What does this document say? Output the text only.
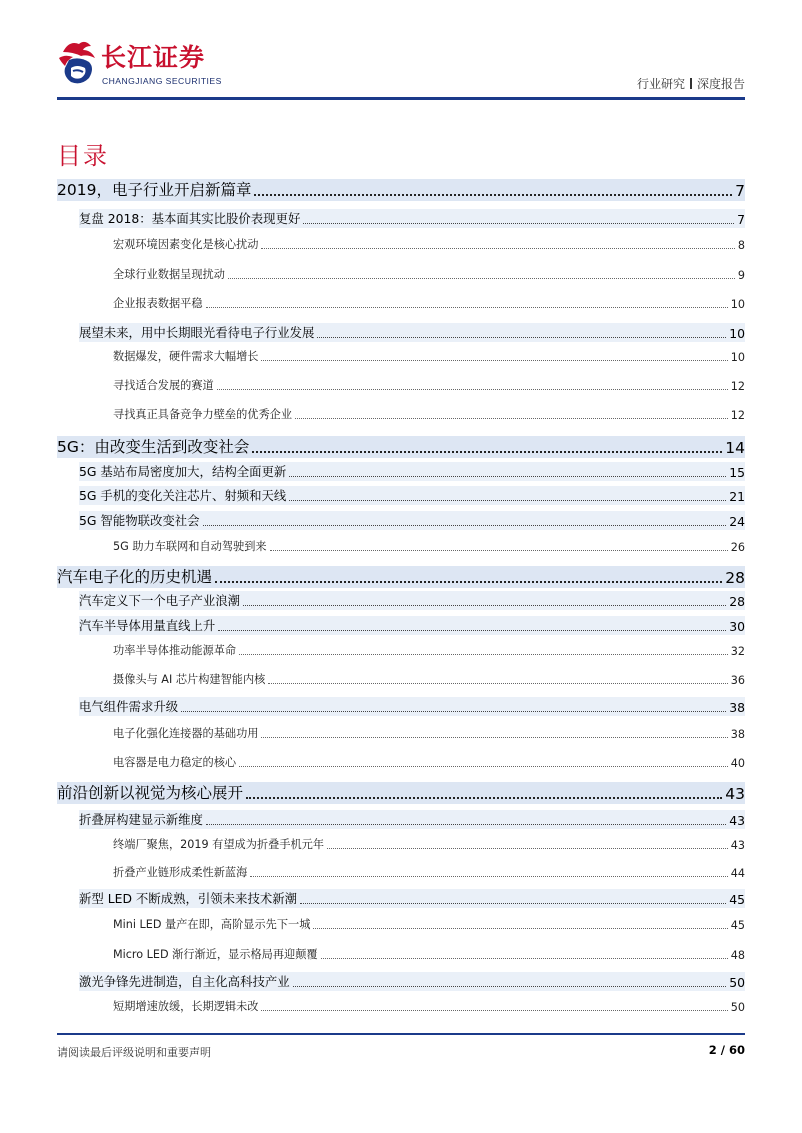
长江证券
CHANGJIANG SECURITIES	行业研究 深度报告
目录
2019，电子行业开启新篇章	7
复盘 2018：基本面其实比股价表现更好	7
宏观环境因素变化是核心扰动	8
全球行业数据呈现扰动	9
企业报表数据平稳	10
展望未来，用中长期眼光看待电子行业发展	10
数据爆发，硬件需求大幅增长	10
寻找适合发展的赛道	12
寻找真正具备竞争力壁垒的优秀企业	12
5G：由改变生活到改变社会	14
5G 基站布局密度加大，结构全面更新	15
5G 手机的变化关注芯片、射频和天线	21
5G 智能物联改变社会	24
5G 助力车联网和自动驾驶到来	26
汽车电子化的历史机遇	28
汽车定义下一个电子产业浪潮	28
汽车半导体用量直线上升	30
功率半导体推动能源革命	32
摄像头与 AI 芯片构建智能内核	36
电气组件需求升级	38
电子化强化连接器的基础功用	38
电容器是电力稳定的核心	40
前沿创新以视觉为核心展开	43
折叠屏构建显示新维度	43
终端厂聚焦，2019 有望成为折叠手机元年	43
折叠产业链形成柔性新蓝海	44
新型 LED 不断成熟，引领未来技术新潮	45
Mini LED 量产在即，高阶显示先下一城	45
Micro LED 渐行渐近，显示格局再迎颠覆	48
激光争锋先进制造，自主化高科技产业	50
短期增速放缓，长期逻辑未改	50
请阅读最后评级说明和重要声明	2 / 60
